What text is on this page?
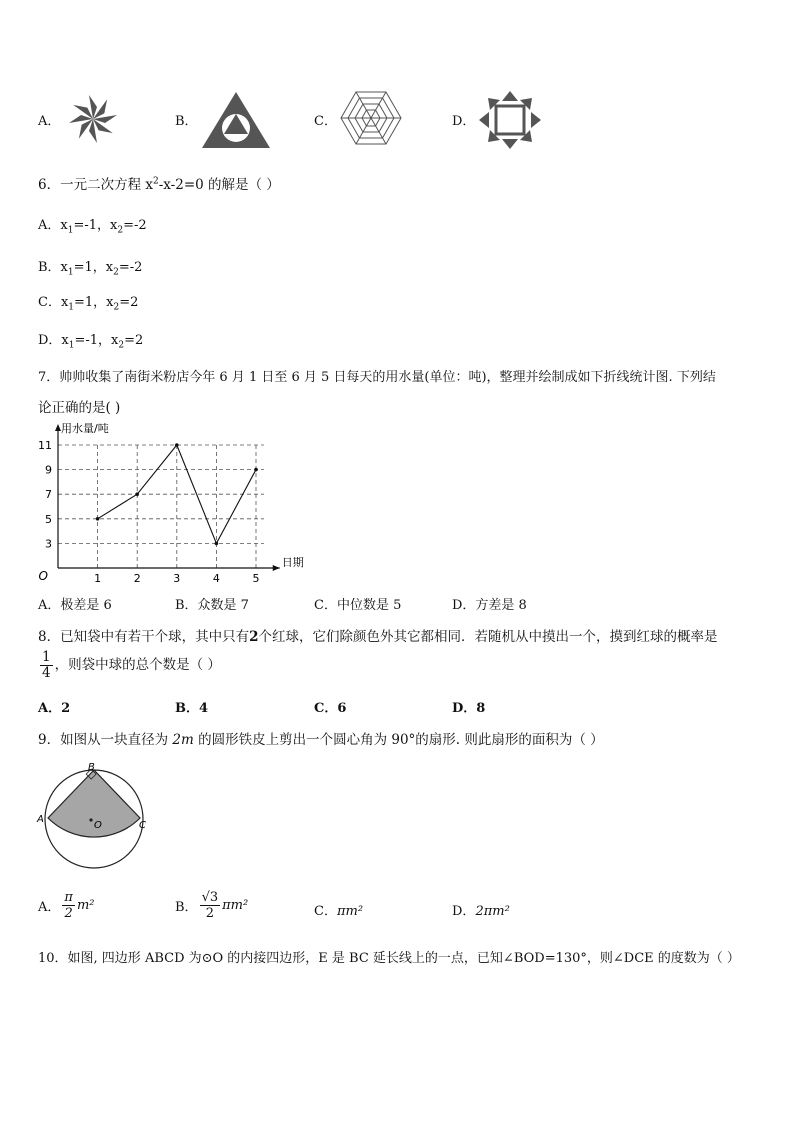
A．	B．	C．	D．
6．一元二次方程 $x^2-x-2=0$ 的解是（ ）
A．$x_1=-1$，$x_2=-2$
B．$x_1=1$，$x_2=-2$
C．$x_1=1$，$x_2=2$
D．$x_1=-1$，$x_2=2$
7．帅帅收集了南街米粉店今年 6 月 1 日至 6 月 5 日每天的用水量(单位：吨)，整理并绘制成如下折线统计图. 下列结
论正确的是( )
3
5
7
9
11
1	2	3	4	5
O
用水量/吨
日期
A．极差是 6	B．众数是 7	C．中位数是 5	D．方差是 8
8．已知袋中有若干个球，其中只有2个红球，它们除颜色外其它都相同．若随机从中摸出一个，摸到红球的概率是
$\frac{1}{4}$ ，则袋中球的总个数是（ ）
A．2	B．4	C．6	D．8
9．如图从一块直径为 2m 的圆形铁皮上剪出一个圆心角为 90°的扇形. 则此扇形的面积为（ ）
B
A
C
O
A． $\frac{\pi}{2} m^2$	B． $\frac{√3}{2} \pi m^2$	C．πm²	D．2πm²
10．如图, 四边形 ABCD 为⊙O 的内接四边形，E 是 BC 延长线上的一点，已知∠BOD=130°，则∠DCE 的度数为（ ）
